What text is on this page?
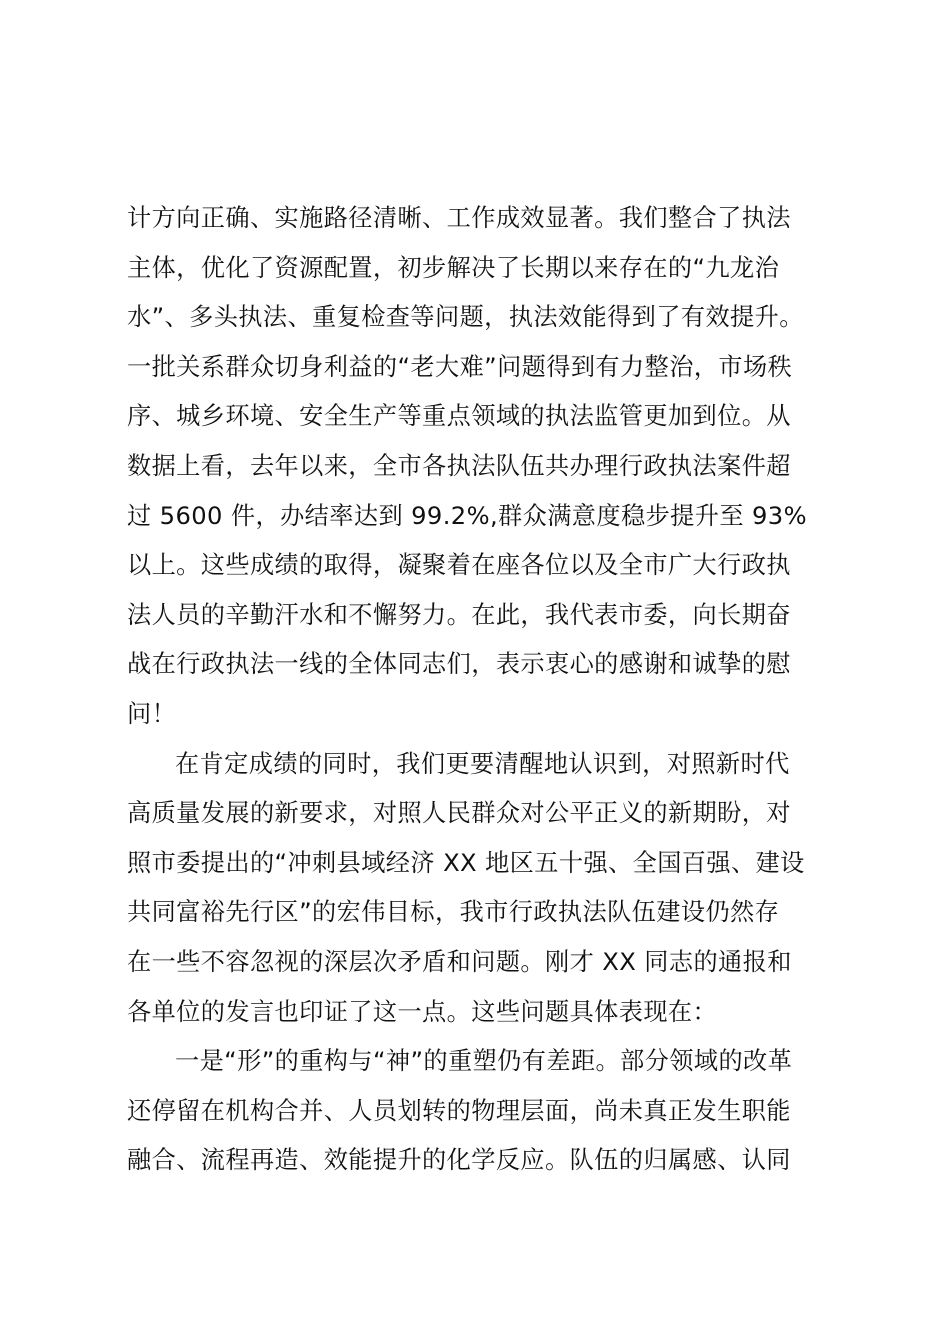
计方向正确、实施路径清晰、工作成效显著。我们整合了执法
主体，优化了资源配置，初步解决了长期以来存在的“九龙治
水”、多头执法、重复检查等问题，执法效能得到了有效提升。
一批关系群众切身利益的“老大难”问题得到有力整治，市场秩
序、城乡环境、安全生产等重点领域的执法监管更加到位。从
数据上看，去年以来，全市各执法队伍共办理行政执法案件超
过 5600 件，办结率达到 99.2%,群众满意度稳步提升至 93%
以上。这些成绩的取得，凝聚着在座各位以及全市广大行政执
法人员的辛勤汗水和不懈努力。在此，我代表市委，向长期奋
战在行政执法一线的全体同志们，表示衷心的感谢和诚挚的慰
问！
在肯定成绩的同时，我们更要清醒地认识到，对照新时代
高质量发展的新要求，对照人民群众对公平正义的新期盼，对
照市委提出的“冲刺县域经济 XX 地区五十强、全国百强、建设
共同富裕先行区”的宏伟目标，我市行政执法队伍建设仍然存
在一些不容忽视的深层次矛盾和问题。刚才 XX 同志的通报和
各单位的发言也印证了这一点。这些问题具体表现在：
一是“形”的重构与“神”的重塑仍有差距。部分领域的改革
还停留在机构合并、人员划转的物理层面，尚未真正发生职能
融合、流程再造、效能提升的化学反应。队伍的归属感、认同
